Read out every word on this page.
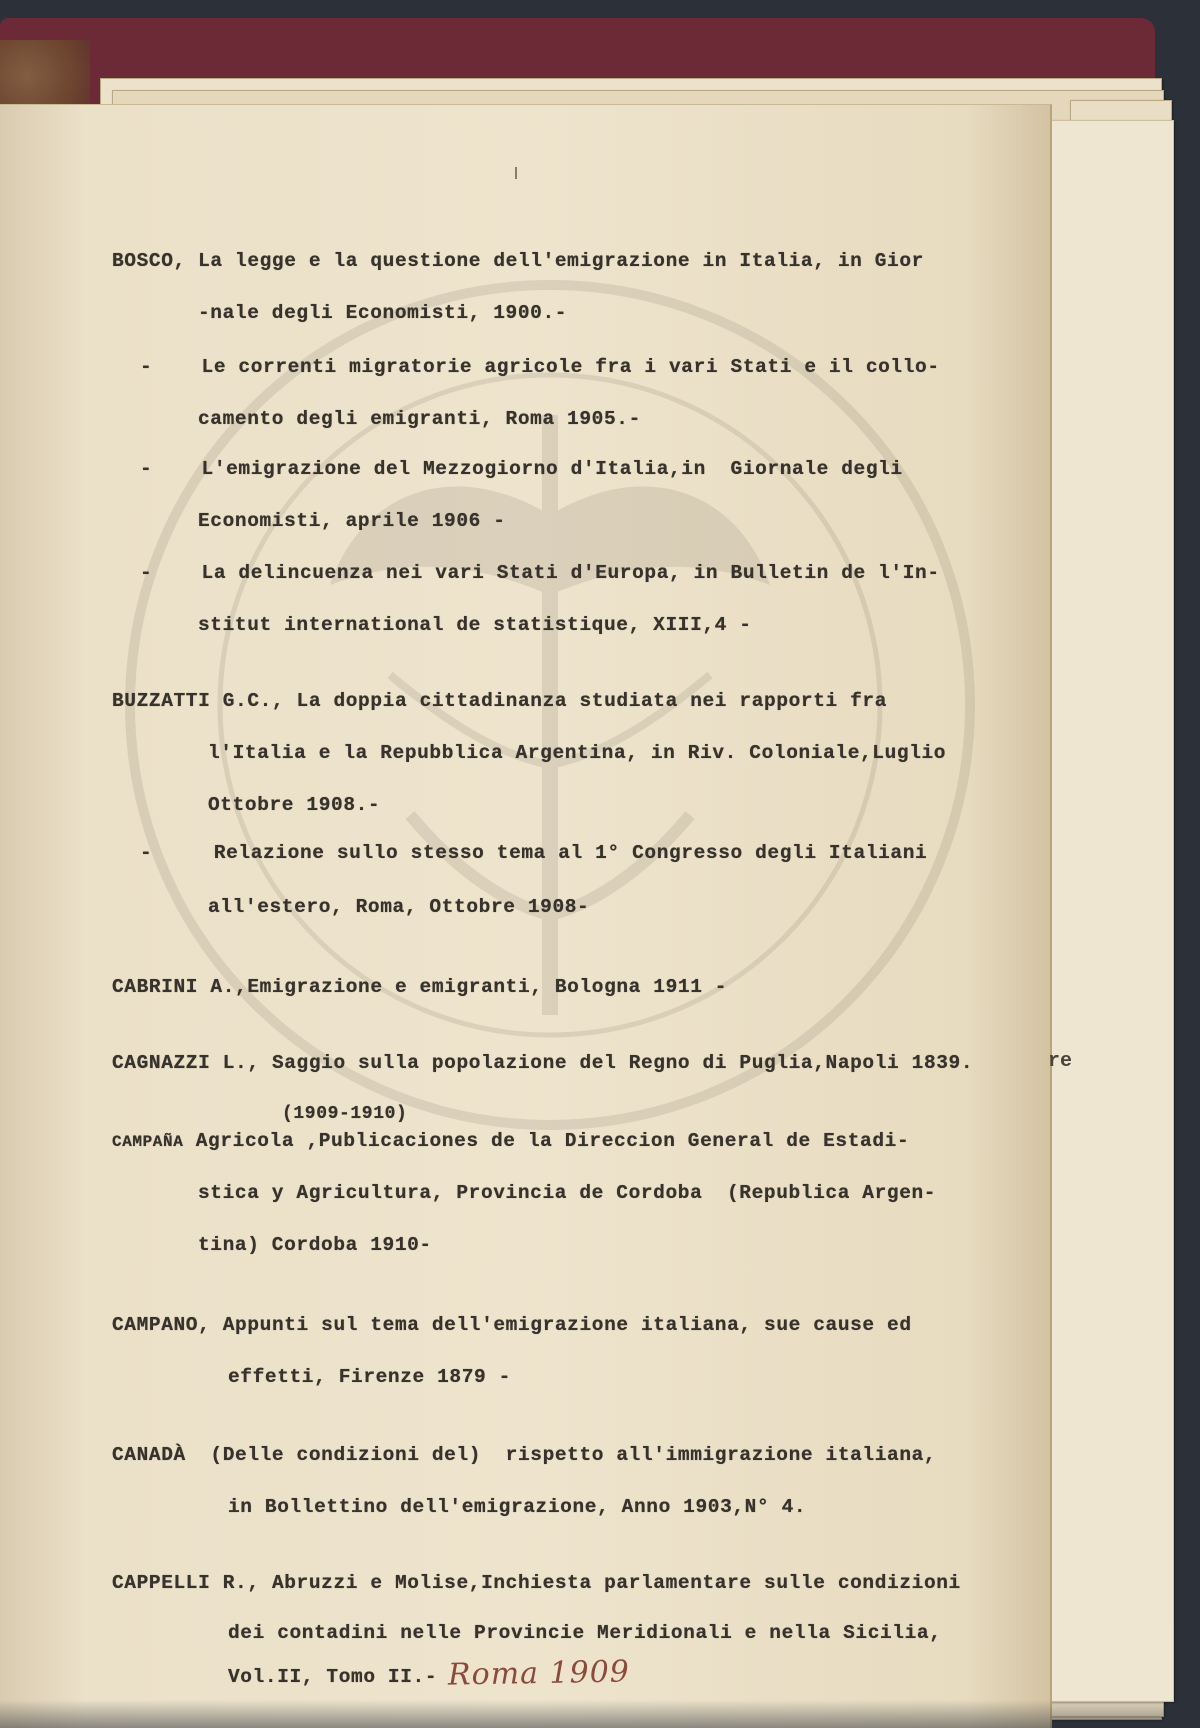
BOSCO, La legge e la questione dell'emigrazione in Italia, in Gior
-nale degli Economisti, 1900.-
-	Le correnti migratorie agricole fra i vari Stati e il collo-
camento degli emigranti, Roma 1905.-
-	L'emigrazione del Mezzogiorno d'Italia,in  Giornale degli
Economisti, aprile 1906 -
-	La delincuenza nei vari Stati d'Europa, in Bulletin de l'In-
stitut international de statistique, XIII,4 -
BUZZATTI G.C., La doppia cittadinanza studiata nei rapporti fra
l'Italia e la Repubblica Argentina, in Riv. Coloniale,Luglio
Ottobre 1908.-
-	Relazione sullo stesso tema al 1° Congresso degli Italiani
all'estero, Roma, Ottobre 1908-
CABRINI A.,Emigrazione e emigranti, Bologna 1911 -
CAGNAZZI L., Saggio sulla popolazione del Regno di Puglia,Napoli 1839.	re
(1909-1910)
CAMPAÑA Agricola ,Publicaciones de la Direccion General de Estadi-
stica y Agricultura, Provincia de Cordoba  (Republica Argen-
tina) Cordoba 1910-
CAMPANO, Appunti sul tema dell'emigrazione italiana, sue cause ed
effetti, Firenze 1879 -
CANADÀ (Delle condizioni del)  rispetto all'immigrazione italiana,
in Bollettino dell'emigrazione, Anno 1903,N° 4.
CAPPELLI R., Abruzzi e Molise,Inchiesta parlamentare sulle condizioni
dei contadini nelle Provincie Meridionali e nella Sicilia,
Vol.II, Tomo II.- Roma 1909
